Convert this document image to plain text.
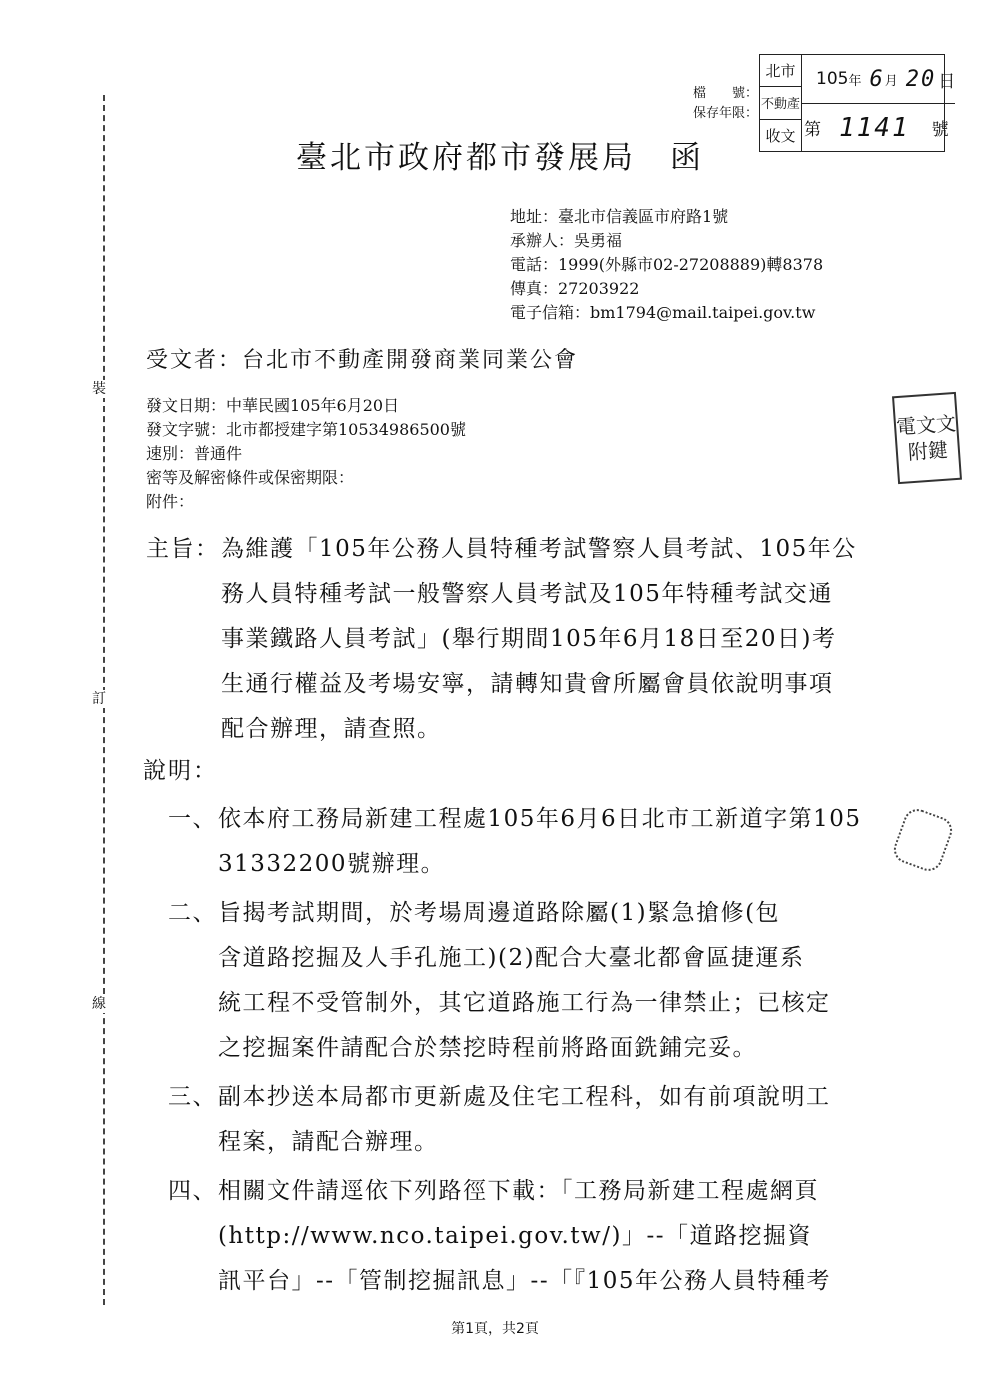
裝
訂
線
檔　　號：
保存年限：
北市
不動產
收文
105 年 6 月 20 日
第 1141 號
臺北市政府都市發展局　函
地址：臺北市信義區市府路1號
承辦人：吳勇福
電話：1999(外縣市02-27208889)轉8378
傳真：27203922
電子信箱：bm1794@mail.taipei.gov.tw
受文者：台北市不動產開發商業同業公會
發文日期：中華民國105年6月20日
發文字號：北市都授建字第10534986500號
速別：普通件
密等及解密條件或保密期限：
附件：
主旨： 為維護「105年公務人員特種考試警察人員考試、105年公
務人員特種考試一般警察人員考試及105年特種考試交通
事業鐵路人員考試」(舉行期間105年6月18日至20日)考
生通行權益及考場安寧，請轉知貴會所屬會員依說明事項
配合辦理，請查照。
說明：
一、 依本府工務局新建工程處105年6月6日北市工新道字第105
31332200號辦理。
二、 旨揭考試期間，於考場周邊道路除屬(1)緊急搶修(包
含道路挖掘及人手孔施工)(2)配合大臺北都會區捷運系
統工程不受管制外，其它道路施工行為一律禁止；已核定
之挖掘案件請配合於禁挖時程前將路面銑鋪完妥。
三、 副本抄送本局都市更新處及住宅工程科，如有前項說明工
程案，請配合辦理。
四、 相關文件請逕依下列路徑下載：「工務局新建工程處網頁
(http://www.nco.taipei.gov.tw/)」--「道路挖掘資
訊平台」--「管制挖掘訊息」--「『105年公務人員特種考
電
文
文
附
鍵
第1頁，共2頁
